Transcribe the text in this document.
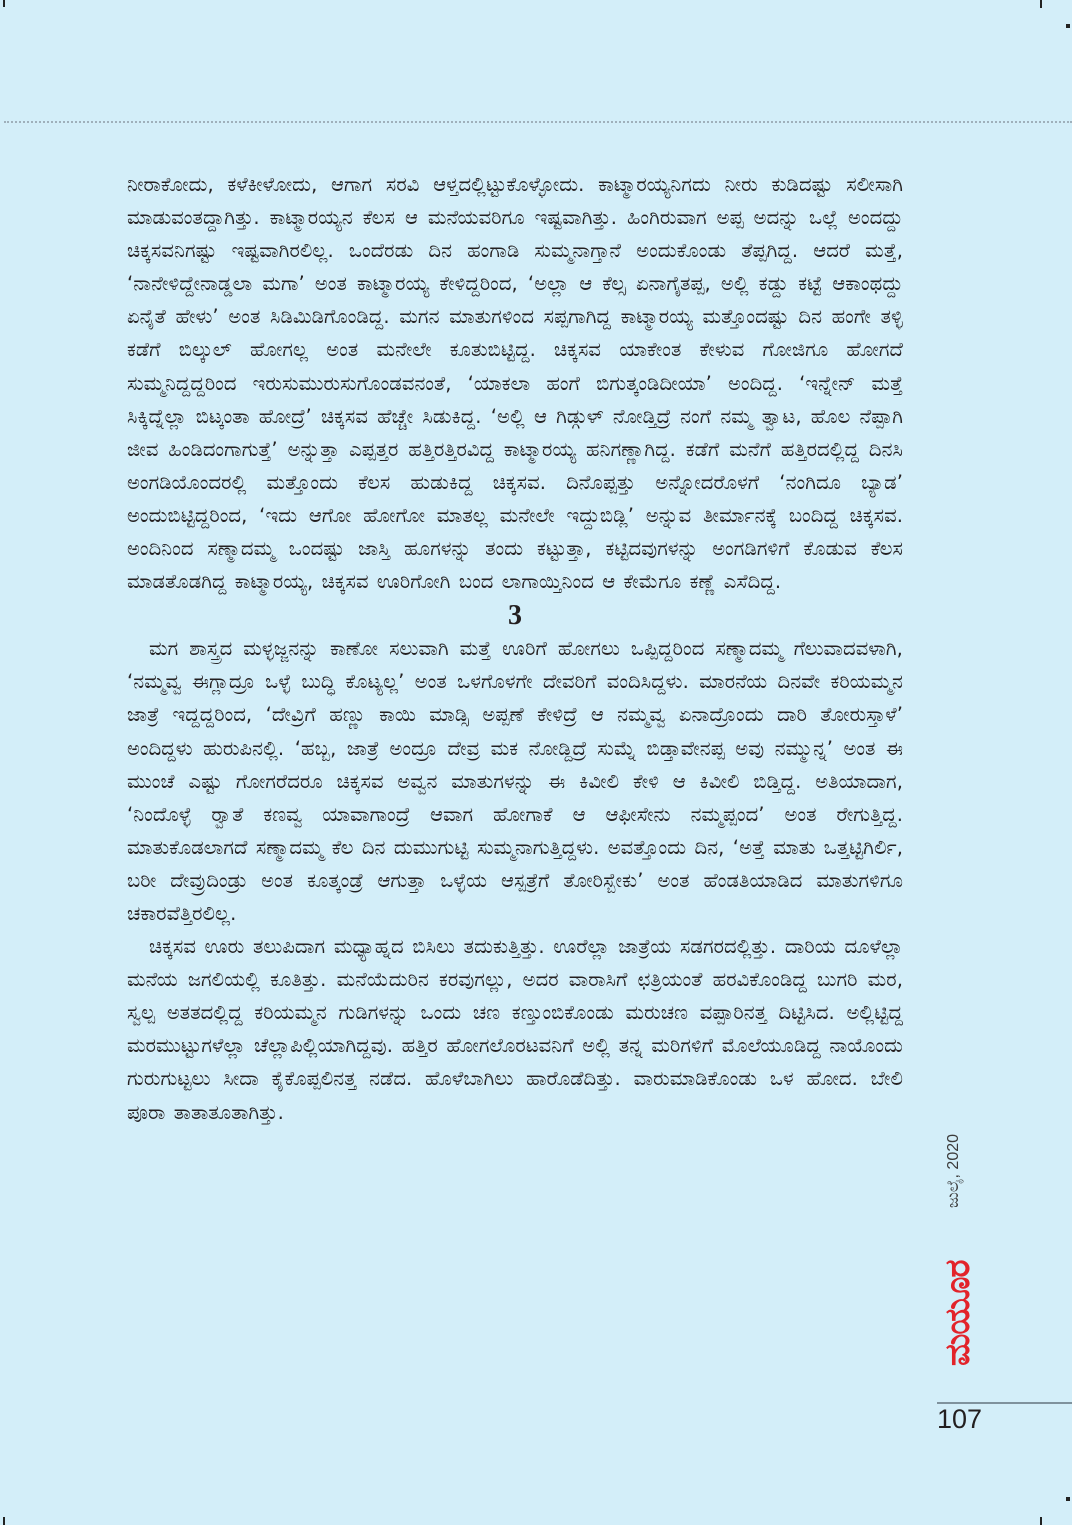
ನೀರಾಕೋದು, ಕಳೆಕೀಳೋದು, ಆಗಾಗ ಸರವಿ ಆಳ್ತದಲ್ಲಿಟ್ಟುಕೊಳ್ಳೋದು. ಕಾಟ್ಮಾರಯ್ಯನಿಗದು ನೀರು ಕುಡಿದಷ್ಟು ಸಲೀಸಾಗಿ ಮಾಡುವಂತದ್ದಾಗಿತ್ತು. ಕಾಟ್ಮಾರಯ್ಯನ ಕೆಲಸ ಆ ಮನೆಯವರಿಗೂ ಇಷ್ಟವಾಗಿತ್ತು. ಹಿಂಗಿರುವಾಗ ಅಪ್ಪ ಅದನ್ನು ಒಲ್ಲೆ ಅಂದದ್ದು ಚಿಕ್ಕಸವನಿಗಷ್ಟು ಇಷ್ಟವಾಗಿರಲಿಲ್ಲ. ಒಂದೆರಡು ದಿನ ಹಂಗಾಡಿ ಸುಮ್ಮನಾಗ್ತಾನೆ ಅಂದುಕೊಂಡು ತೆಪ್ಪಗಿದ್ದ. ಆದರೆ ಮತ್ತೆ, ‘ನಾನೇಳಿದ್ದೇನಾಡ್ಡಲಾ ಮಗಾ’ ಅಂತ ಕಾಟ್ಮಾರಯ್ಯ ಕೇಳಿದ್ದರಿಂದ, ‘ಅಲ್ಲಾ ಆ ಕೆಲ್ಸ ಏನಾಗೈತಪ್ಪ, ಅಲ್ಲಿ ಕಡ್ದು ಕಟ್ಟೆ ಆಕಾಂಥದ್ದು ಏನೈತೆ ಹೇಳು’ ಅಂತ ಸಿಡಿಮಿಡಿಗೊಂಡಿದ್ದ. ಮಗನ ಮಾತುಗಳಿಂದ ಸಪ್ಪಗಾಗಿದ್ದ ಕಾಟ್ಮಾರಯ್ಯ ಮತ್ತೊಂದಷ್ಟು ದಿನ ಹಂಗೇ ತಳ್ಳಿ ಕಡೆಗೆ ಬಿಲ್ಕುಲ್ ಹೋಗಲ್ಲ ಅಂತ ಮನೇಲೇ ಕೂತುಬಿಟ್ಟಿದ್ದ. ಚಿಕ್ಕಸವ ಯಾಕೇಂತ ಕೇಳುವ ಗೋಜಿಗೂ ಹೋಗದೆ ಸುಮ್ಮನಿದ್ದದ್ದರಿಂದ ಇರುಸುಮುರುಸುಗೊಂಡವನಂತೆ, ‘ಯಾಕಲಾ ಹಂಗೆ ಬಿಗುತ್ಕಂಡಿದೀಯಾ’ ಅಂದಿದ್ದ. ‘ಇನ್ನೇನ್ ಮತ್ತೆ ಸಿಕ್ಕಿದ್ನೆಲ್ಲಾ ಬಿಟ್ಕಂತಾ ಹೋದ್ರೆ’ ಚಿಕ್ಕಸವ ಹೆಚ್ಚೇ ಸಿಡುಕಿದ್ದ. ‘ಅಲ್ಲಿ ಆ ಗಿಡ್ಗುಳ್ ನೋಡ್ತಿದ್ರೆ ನಂಗೆ ನಮ್ಮ ತ್ವಾಟ, ಹೊಲ ನೆಪ್ಪಾಗಿ ಜೀವ ಹಿಂಡಿದಂಗಾಗುತ್ತೆ’ ಅನ್ನುತ್ತಾ ಎಪ್ಪತ್ತರ ಹತ್ತಿರತ್ತಿರವಿದ್ದ ಕಾಟ್ಮಾರಯ್ಯ ಹನಿಗಣ್ಣಾಗಿದ್ದ. ಕಡೆಗೆ ಮನೆಗೆ ಹತ್ತಿರದಲ್ಲಿದ್ದ ದಿನಸಿ ಅಂಗಡಿಯೊಂದರಲ್ಲಿ ಮತ್ತೊಂದು ಕೆಲಸ ಹುಡುಕಿದ್ದ ಚಿಕ್ಕಸವ. ದಿನೊಪ್ಪತ್ತು ಅನ್ನೋದರೊಳಗೆ ‘ನಂಗಿದೂ ಬ್ಯಾಡ’ ಅಂದುಬಿಟ್ಟಿದ್ದರಿಂದ, ‘ಇದು ಆಗೋ ಹೋಗೋ ಮಾತಲ್ಲ ಮನೇಲೇ ಇದ್ದುಬಿಡ್ಲಿ’ ಅನ್ನುವ ತೀರ್ಮಾನಕ್ಕೆ ಬಂದಿದ್ದ ಚಿಕ್ಕಸವ. ಅಂದಿನಿಂದ ಸಣ್ಮಾದಮ್ಮ ಒಂದಷ್ಟು ಜಾಸ್ತಿ ಹೂಗಳನ್ನು ತಂದು ಕಟ್ಟುತ್ತಾ, ಕಟ್ಟಿದವುಗಳನ್ನು ಅಂಗಡಿಗಳಿಗೆ ಕೊಡುವ ಕೆಲಸ ಮಾಡತೊಡಗಿದ್ದ ಕಾಟ್ಮಾರಯ್ಯ, ಚಿಕ್ಕಸವ ಊರಿಗೋಗಿ ಬಂದ ಲಾಗಾಯ್ತಿನಿಂದ ಆ ಕೇಮೆಗೂ ಕಣ್ಣೆ ಎಸೆದಿದ್ದ.

3

ಮಗ ಶಾಸ್ತ್ರದ ಮಳ್ಳಜ್ಜನನ್ನು ಕಾಣೋ ಸಲುವಾಗಿ ಮತ್ತೆ ಊರಿಗೆ ಹೋಗಲು ಒಪ್ಪಿದ್ದರಿಂದ ಸಣ್ಮಾದಮ್ಮ ಗೆಲುವಾದವಳಾಗಿ, ‘ನಮ್ಮವ್ವ ಈಗ್ಲಾದ್ರೂ ಒಳ್ಳೆ ಬುದ್ಧಿ ಕೊಟ್ಯಲ್ಲ’ ಅಂತ ಒಳಗೊಳಗೇ ದೇವರಿಗೆ ವಂದಿಸಿದ್ದಳು. ಮಾರನೆಯ ದಿನವೇ ಕರಿಯಮ್ಮನ ಜಾತ್ರೆ ಇದ್ದದ್ದರಿಂದ, ‘ದೇವ್ರಿಗೆ ಹಣ್ಣು ಕಾಯಿ ಮಾಡ್ಸಿ ಅಪ್ಪಣೆ ಕೇಳಿದ್ರೆ ಆ ನಮ್ಮವ್ವ ಏನಾದ್ರೊಂದು ದಾರಿ ತೋರುಸ್ತಾಳೆ’ ಅಂದಿದ್ದಳು ಹುರುಪಿನಲ್ಲಿ. ‘ಹಬ್ಬ, ಜಾತ್ರೆ ಅಂದ್ರೂ ದೇವ್ರ ಮಕ ನೋಡ್ದಿದ್ರೆ ಸುಮ್ನೆ ಬಿಡ್ತಾವೇನಪ್ಪ ಅವು ನಮ್ಮುನ್ನ’ ಅಂತ ಈ ಮುಂಚೆ ಎಷ್ಟು ಗೋಗರೆದರೂ ಚಿಕ್ಕಸವ ಅವ್ವನ ಮಾತುಗಳನ್ನು ಈ ಕಿವೀಲಿ ಕೇಳಿ ಆ ಕಿವೀಲಿ ಬಿಡ್ತಿದ್ದ. ಅತಿಯಾದಾಗ, ‘ನಿಂದೊಳ್ಳೆ ರ್‍ವಾತೆ ಕಣವ್ವ ಯಾವಾಗಾಂದ್ರೆ ಆವಾಗ ಹೋಗಾಕೆ ಆ ಆಫೀಸೇನು ನಮ್ಮಪ್ಪಂದ’ ಅಂತ ರೇಗುತ್ತಿದ್ದ. ಮಾತುಕೊಡಲಾಗದೆ ಸಣ್ಮಾದಮ್ಮ ಕೆಲ ದಿನ ದುಮುಗುಟ್ಟಿ ಸುಮ್ಮನಾಗುತ್ತಿದ್ದಳು. ಅವತ್ತೊಂದು ದಿನ, ‘ಅತ್ತೆ ಮಾತು ಒತ್ತಟ್ಟಿಗಿರ್ಲಿ, ಬರೀ ದೇವ್ರುದಿಂಡ್ರು ಅಂತ ಕೂತ್ಕಂಡ್ರೆ ಆಗುತ್ತಾ ಒಳ್ಳೆಯ ಆಸ್ಪತ್ರೆಗೆ ತೋರಿಸ್ಬೇಕು’ ಅಂತ ಹೆಂಡತಿಯಾಡಿದ ಮಾತುಗಳಿಗೂ ಚಕಾರವೆತ್ತಿರಲಿಲ್ಲ.

ಚಿಕ್ಕಸವ ಊರು ತಲುಪಿದಾಗ ಮಧ್ಯಾಹ್ನದ ಬಿಸಿಲು ತದುಕುತ್ತಿತ್ತು. ಊರೆಲ್ಲಾ ಜಾತ್ರೆಯ ಸಡಗರದಲ್ಲಿತ್ತು. ದಾರಿಯ ದೂಳೆಲ್ಲಾ ಮನೆಯ ಜಗಲಿಯಲ್ಲಿ ಕೂತಿತ್ತು. ಮನೆಯೆದುರಿನ ಕರವುಗಲ್ಲು, ಅದರ ವಾರಾಸಿಗೆ ಛತ್ರಿಯಂತೆ ಹರವಿಕೊಂಡಿದ್ದ ಬುಗರಿ ಮರ, ಸ್ವಲ್ಪ ಅತತದಲ್ಲಿದ್ದ ಕರಿಯಮ್ಮನ ಗುಡಿಗಳನ್ನು ಒಂದು ಚಣ ಕಣ್ತುಂಬಿಕೊಂಡು ಮರುಚಣ ವಪ್ಪಾರಿನತ್ತ ದಿಟ್ಟಿಸಿದ. ಅಲ್ಲಿಟ್ಟಿದ್ದ ಮರಮುಟ್ಟುಗಳೆಲ್ಲಾ ಚೆಲ್ಲಾಪಿಲ್ಲಿಯಾಗಿದ್ದವು. ಹತ್ತಿರ ಹೋಗಲೊರಟವನಿಗೆ ಅಲ್ಲಿ ತನ್ನ ಮರಿಗಳಿಗೆ ಮೊಲೆಯೂಡಿದ್ದ ನಾಯೊಂದು ಗುರುಗುಟ್ಟಲು ಸೀದಾ ಕೈಕೊಪ್ಪಲಿನತ್ತ ನಡೆದ. ಹೊಳೆಬಾಗಿಲು ಹಾರೊಡೆದಿತ್ತು. ವಾರುಮಾಡಿಕೊಂಡು ಒಳ ಹೋದ. ಬೇಲಿ ಪೂರಾ ತಾತಾತೂತಾಗಿತ್ತು.

ಜುಲೈ, 2020
ಮಯೂರ
107
